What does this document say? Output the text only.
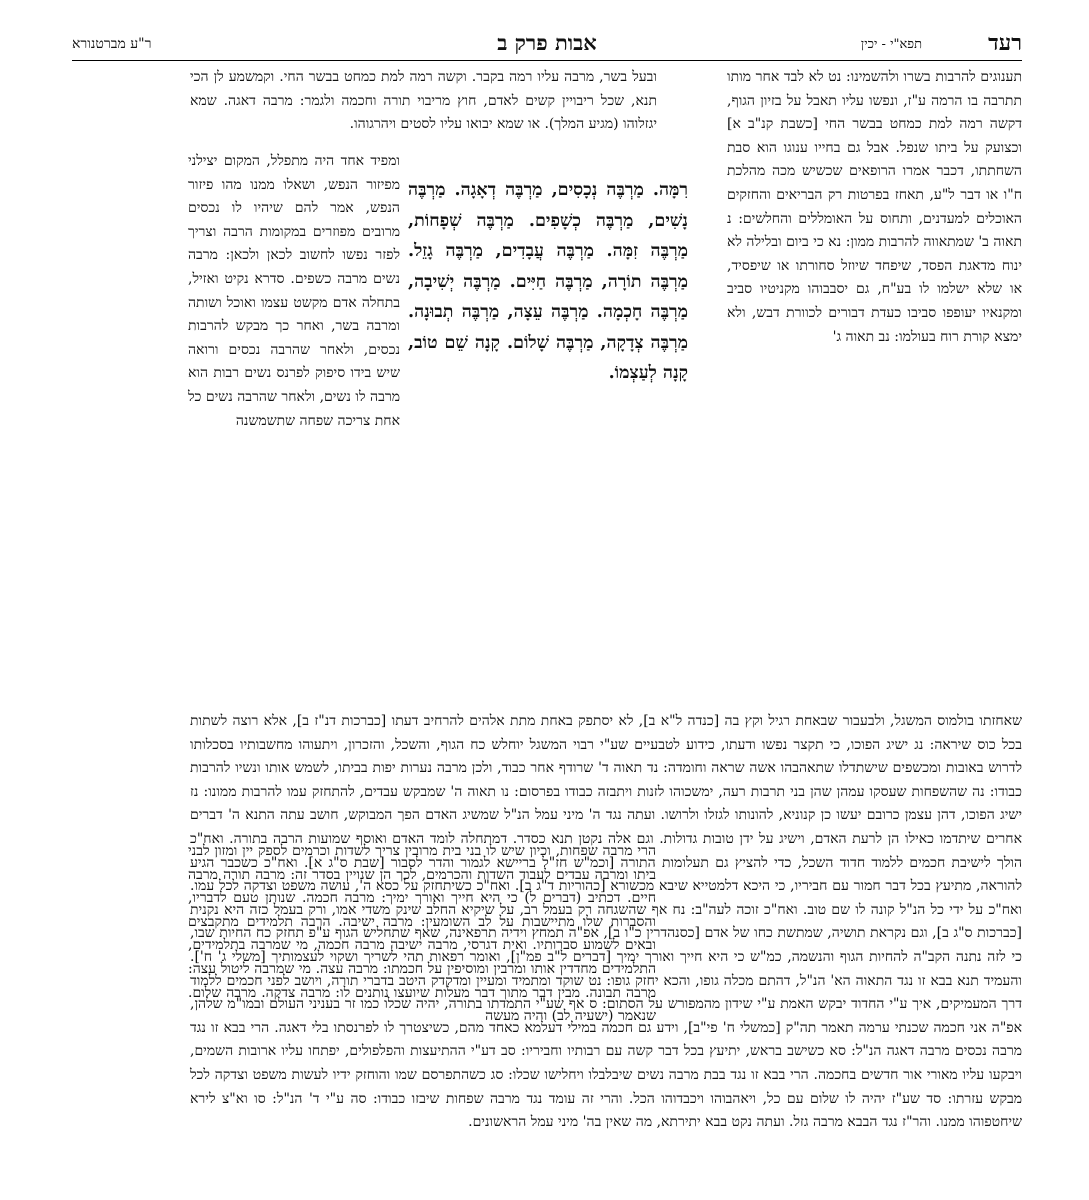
רעד
תפא"י - יכין
אבות פרק ב
ר"ע מברטנורא

תענוגים להרבות בשרו ולהשמינו: נט לא לבד אחר מותו תתרבה בו הרמה ע"ז, ונפשו עליו תאבל על בזיון הגוף, דקשה רמה למת כמחט בבשר החי [כשבת קנ"ב א] וכצועק על ביתו שנפל. אבל גם בחייו ענוגו הוא סבת השחתתו, דכבר אמרו הרופאים שכשיש מכה מהלכת ח"ו או דבר ל"ע, תאחז בפרטות רק הבריאים והחזקים האוכלים למעדנים, ותחוס על האומללים והחלשים: נ תאוה ב' שמתאווה להרבות ממון: נא כי ביום ובלילה לא ינוח מדאגת הפסד, שיפחד שיוזל סחורתו או שיפסיד, או שלא ישלמו לו בע"ח, גם יסבבוהו מקניטיו סביב ומקנאיו יעופפו סביבו כעדת דבורים לכוורת דבש, ולא ימצא קורת רוח בעולמו: נב תאוה ג'

ובעל בשר, מרבה עליו רמה בקבר. וקשה רמה למת כמחט בבשר החי. וקמשמע לן הכי תנא, שכל ריבויין קשים לאדם, חוץ מריבוי תורה וחכמה ולגמר: מרבה דאגה. שמא יגזלוהו (מגיע המלך). או שמא יבואו עליו לסטים ויהרגוהו.

רִמָּה. מַרְבֶּה נְכָסִים, מַרְבֶּה דְאָגָה. מַרְבֶּה נָשִׁים, מַרְבֶּה כְשָׁפִים. מַרְבֶּה שְׁפָחוֹת, מַרְבֶּה זִמָּה. מַרְבֶּה עֲבָדִים, מַרְבֶּה גָזֵל. מַרְבֶּה תוֹרָה, מַרְבֶּה חַיִּים. מַרְבֶּה יְשִׁיבָה, מַרְבֶּה חָכְמָה. מַרְבֶּה עֵצָה, מַרְבֶּה תְבוּנָה. מַרְבֶּה צְדָקָה, מַרְבֶּה שָׁלוֹם. קָנָה שֵׁם טוֹב, קָנָה לְעַצְמוֹ.

ומפיד אחד היה מתפלל, המקום יצילני מפיזור הנפש, ושאלו ממנו מהו פיזור הנפש, אמר להם שיהיו לו נכסים מרובים מפוזרים במקומות הרבה וצריך לפזר נפשו לחשוב לכאן ולכאן: מרבה נשים מרבה כשפים. סדרא נקיט ואזיל, בתחלה אדם מקשט עצמו ואוכל ושותה ומרבה בשר, ואחר כך מבקש להרבות נכסים, ולאחר שהרבה נכסים ורואה שיש בידו סיפוק לפרנס נשים רבות הוא מרבה לו נשים, ולאחר שהרבה נשים כל אחת צריכה שפחה שתשמשנה

הרי מרבה שפחות, וכיון שיש לו בני בית מרובין צריך לשדות וכרמים לספק יין ומזון לבני ביתו ומרבה עבדים לעבוד השדות והכרמים, לכך הן שנויין בסדר זה: מרבה תורה מרבה חיים. דכתיב (דברים ל) כי היא חייך ואורך ימיך: מרבה חכמה. שנותן טעם לדבריו, והסברות שלו מתיישבות על לב השומעין: מרבה ישיבה. הרבה תלמידים מתקבצים ובאים לשמוע סברותיו. ואית דגרסי, מרבה ישיבה מרבה חכמה, מי שמרבה בתלמידים, התלמידים מחדדין אותו ומרבין ומוסיפין על חכמתו: מרבה עצה. מי שמרבה ליטול עצה: מרבה תבונה. מבין דבר מתוך דבר מעלות שיועצו נותנים לו: מרבה צדקה. מרבה שלום. שנאמר (ישעיה לב) והיה מעשה

שאחזתו בולמוס המשגל, ולבעבור שבאחת רגיל וקץ בה [כנדה ל"א ב], לא יסתפק באחת מתת אלהים להרחיב דעתו [כברכות דנ"ז ב], אלא רוצה לשתות בכל כוס שיראה: נג ישיג הפוכו, כי תקצר נפשו ודעתו, כידוע לטבעיים שע"י רבוי המשגל יוחלש כח הגוף, והשכל, והזכרון, ויתעוהו מחשבותיו בסכלותו לדרוש באובות ומכשפים שישתדלו שתאהבהו אשה שראה וחומדה: נד תאוה ד' שרודף אחר כבוד, ולכן מרבה נערות יפות בביתו, לשמש אותו ונשיו להרבות כבודו: נה שהשפחות שעסקו עמהן שהן בני תרבות רעה, ימשכוהו לזנות ויתבזה כבודו בפרסום: נו תאוה ה' שמבקש עבדים, להתחזק עמו להרבות ממונו: נז ישיג הפוכו, דהן עצמן כרובם יעשו כן קנוניא, להונותו לגזלו ולרושו. ועתה נגד ה' מיני עמל הנ"ל שמשיג האדם הפך המבוקש, חושב עתה התנא ה' דברים אחרים שיתדמו כאילו הן לרעת האדם, וישיג על ידן טובות גדולות. וגם אלה נקטן תנא כסדר. דמתחלה לומד האדם ואוסף שמועות הרבה בתורה. ואח"כ הולך לישיבת חכמים ללמוד חדוד השכל, כדי להציץ גם תעלומות התורה [וכמ"ש חז"ל בריישא לגמור והדר לסבור [שבת ס"ג א]. ואח"כ כשכבר הגיע להוראה, מתיעץ בכל דבר חמור עם חביריו, כי היכא דלמטייא שיבא מכשורא [כהוריות ד"ג ב]. ואח"כ כשיתחזק על כסא ה', עושה משפט וצדקה לכל עמו. ואח"כ על ידי כל הנ"ל קונה לו שם טוב. ואח"כ זוכה לעה"ב: נח אף שהשגחה רק בעמל רב, על שיקיא החלב שינק משדי אמו, ורק בעמל כזה היא נקנית [כברכות ס"ג ב], וגם נקראת תושיה, שמתשת כחו של אדם [כסנהדרין כ"ו ב], אפ"ה תמחץ וידיה תרפאינה, שאף שתחליש הגוף ע"פ תחזק כח החיות שבו, כי לזה נתנה הקב"ה להחיות הגוף והנשמה, כמ"ש כי היא חייך ואורך ימיך [דברים ל"ב פמ"ן], ואומר רפאות תהי לשריך ושקוי לעצמותיך [משלי ג' ח']. והעמיד תנא בבא זו נגד התאוה הא' הנ"ל, דהתם מכלה גופו, והכא יחזק גופו: נט שוקד ומתמיד ומעיין ומדקדק היטב בדברי תורה, ויושב לפני חכמים ללמוד דרך המעמיקים, איך ע"י החדוד יבקש האמת ע"י שידון מהמפורש על הסתום: ס אף שע"י התמדתו בתורה, יהיה שכלו כמו זר בעניני העולם ובמו"מ שלהן, אפ"ה אני חכמה שכנתי ערמה תאמר תה"ק [כמשלי ח' פי"ב], וידע גם חכמה במילי דעלמא כאחד מהם, כשיצטרך לו לפרנסתו בלי דאגה. הרי בבא זו נגד מרבה נכסים מרבה דאגה הנ"ל: סא כשישב בראש, יתיעץ בכל דבר קשה עם רבותיו וחביריו: סב דע"י ההתיעצות והפלפולים, יפתחו עליו ארובות השמים, ויבקעו עליו מאורי אור חדשים בחכמה. הרי בבא זו נגד בבת מרבה נשים שיבלבלו ויחלישו שכלו: סג כשהתפרסם שמו והוחזק ידיו לעשות משפט וצדקה לכל מבקש עזרתו: סד שע"ז יהיה לו שלום עם כל, ויאהבוהו ויכבדוהו הכל. והרי זה עומד נגד מרבה שפחות שיבזו כבודו: סה ע"י ד' הנ"ל: סו וא"צ לירא שיחטפוהו ממנו. והר"ז נגד הבבא מרבה גזל. ועתה נקט בבא יתירתא, מה שאין בה' מיני עמל הראשונים.
